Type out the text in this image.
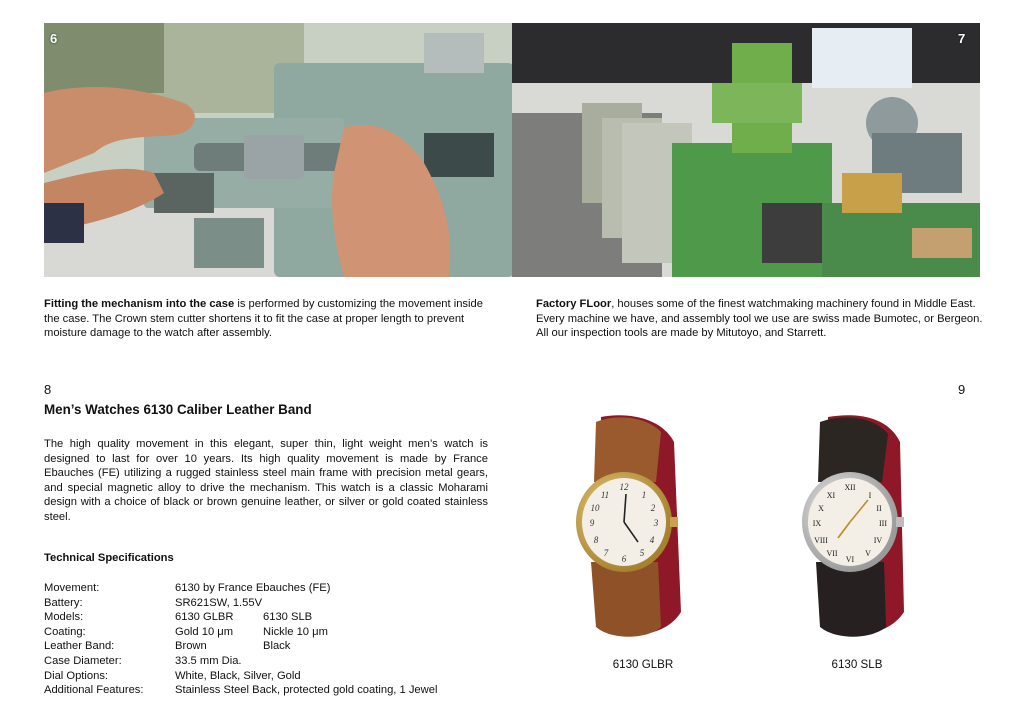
6	7
Fitting the mechanism into the case is performed by customizing the movement inside the case. The Crown stem cutter shortens it to fit the case at proper length to prevent moisture damage to the watch after assembly.
Factory FLoor, houses some of the finest watchmaking machinery found in Middle East. Every machine we have, and assembly tool we use are swiss made Bumotec, or Bergeon. All our inspection tools are made by Mitutoyo, and Starrett.
8	9
Men’s Watches 6130 Caliber Leather Band
The high quality movement in this elegant, super thin, light weight men’s watch is designed to last for over 10 years. Its high quality movement is made by France Ebauches (FE) utilizing a rugged stainless steel main frame with precision metal gears, and special magnetic alloy to drive the mechanism. This watch is a classic Moharami design with a choice of black or brown genuine leather, or silver or gold coated stainless steel.
Technical Specifications
Movement:	6130 by France Ebauches (FE)
Battery:	SR621SW, 1.55V
Models:	6130 GLBR	6130 SLB
Coating:	Gold 10 μm	Nickle 10 μm
Leather Band:	Brown	Black
Case Diameter:	33.5 mm Dia.
Dial Options:	White, Black, Silver, Gold
Additional Features:	Stainless Steel Back, protected gold coating, 1 Jewel
12
3
6
9
1
2
4
5
7
8
10
11
6130 GLBR
XII
III
VI
IX
I
II
IV
V
VII
VIII
X
XI
6130 SLB
